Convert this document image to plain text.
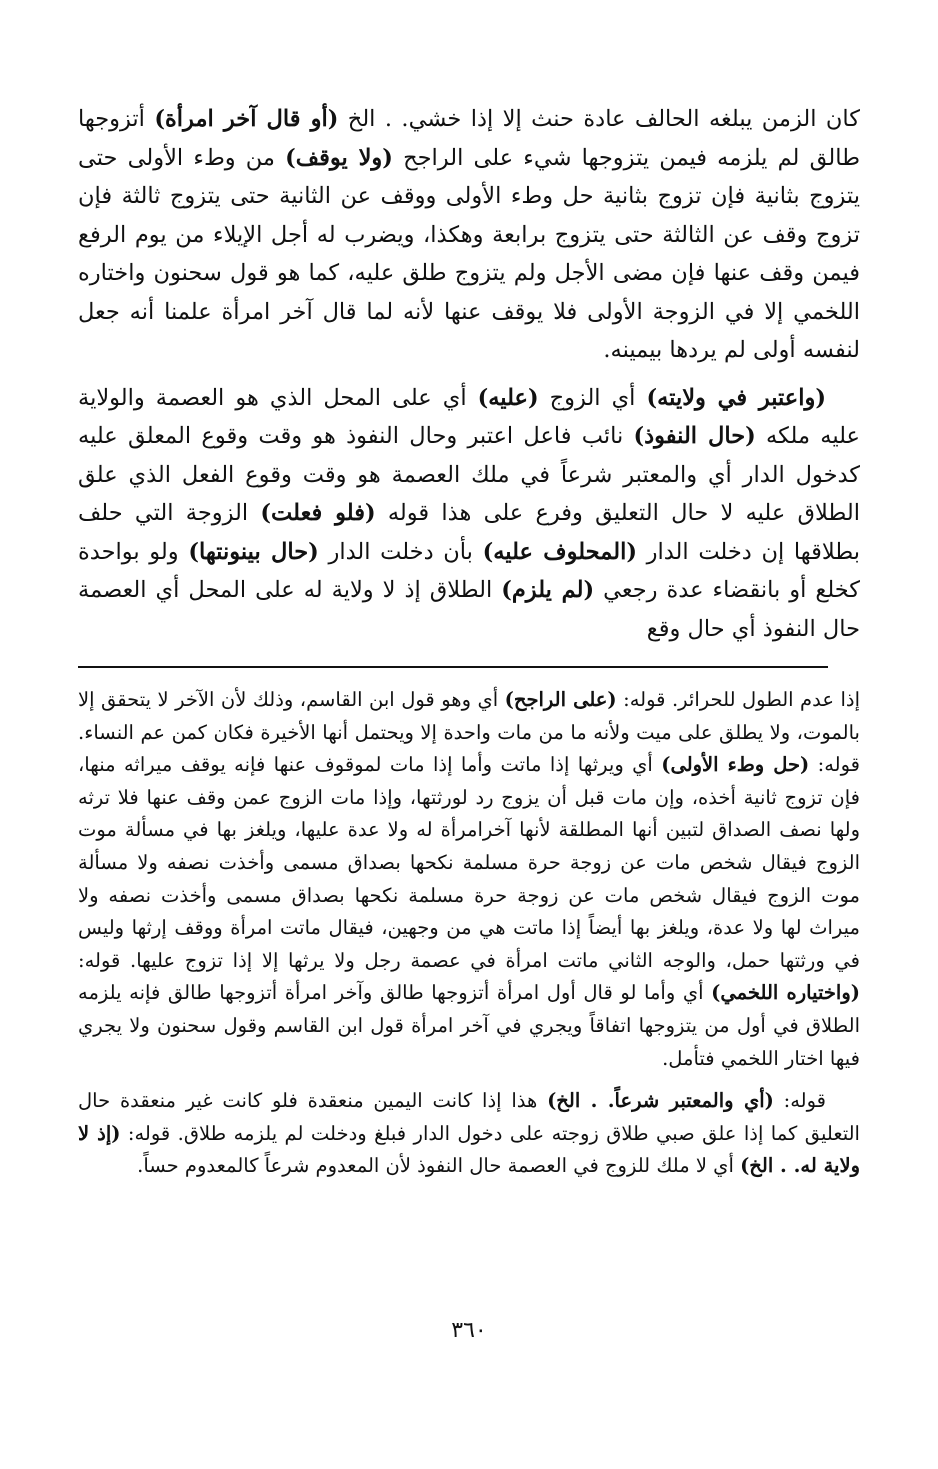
كان الزمن يبلغه الحالف عادة حنث إلا إذا خشي. . الخ (أو قال آخر امرأة) أتزوجها طالق لم يلزمه فيمن يتزوجها شيء على الراجح (ولا يوقف) من وطء الأولى حتى يتزوج بثانية فإن تزوج بثانية حل وطء الأولى ووقف عن الثانية حتى يتزوج ثالثة فإن تزوج وقف عن الثالثة حتى يتزوج برابعة وهكذا، ويضرب له أجل الإيلاء من يوم الرفع فيمن وقف عنها فإن مضى الأجل ولم يتزوج طلق عليه، كما هو قول سحنون واختاره اللخمي إلا في الزوجة الأولى فلا يوقف عنها لأنه لما قال آخر امرأة علمنا أنه جعل لنفسه أولى لم يردها بيمينه.

(واعتبر في ولايته) أي الزوج (عليه) أي على المحل الذي هو العصمة والولاية عليه ملكه (حال النفوذ) نائب فاعل اعتبر وحال النفوذ هو وقت وقوع المعلق عليه كدخول الدار أي والمعتبر شرعاً في ملك العصمة هو وقت وقوع الفعل الذي علق الطلاق عليه لا حال التعليق وفرع على هذا قوله (فلو فعلت) الزوجة التي حلف بطلاقها إن دخلت الدار (المحلوف عليه) بأن دخلت الدار (حال بينونتها) ولو بواحدة كخلع أو بانقضاء عدة رجعي (لم يلزم) الطلاق إذ لا ولاية له على المحل أي العصمة حال النفوذ أي حال وقع

إذا عدم الطول للحرائر. قوله: (على الراجح) أي وهو قول ابن القاسم، وذلك لأن الآخر لا يتحقق إلا بالموت، ولا يطلق على ميت ولأنه ما من مات واحدة إلا ويحتمل أنها الأخيرة فكان كمن عم النساء. قوله: (حل وطء الأولى) أي ويرثها إذا ماتت وأما إذا مات لموقوف عنها فإنه يوقف ميراثه منها، فإن تزوج ثانية أخذه، وإن مات قبل أن يزوج رد لورثتها، وإذا مات الزوج عمن وقف عنها فلا ترثه ولها نصف الصداق لتبين أنها المطلقة لأنها آخرامرأة له ولا عدة عليها، ويلغز بها في مسألة موت الزوج فيقال شخص مات عن زوجة حرة مسلمة نكحها بصداق مسمى وأخذت نصفه ولا مسألة موت الزوج فيقال شخص مات عن زوجة حرة مسلمة نكحها بصداق مسمى وأخذت نصفه ولا ميراث لها ولا عدة، ويلغز بها أيضاً إذا ماتت هي من وجهين، فيقال ماتت امرأة ووقف إرثها وليس في ورثتها حمل، والوجه الثاني ماتت امرأة في عصمة رجل ولا يرثها إلا إذا تزوج عليها. قوله: (واختياره اللخمي) أي وأما لو قال أول امرأة أتزوجها طالق وآخر امرأة أتزوجها طالق فإنه يلزمه الطلاق في أول من يتزوجها اتفاقاً ويجري في آخر امرأة قول ابن القاسم وقول سحنون ولا يجري فيها اختار اللخمي فتأمل.

قوله: (أي والمعتبر شرعاً. . الخ) هذا إذا كانت اليمين منعقدة فلو كانت غير منعقدة حال التعليق كما إذا علق صبي طلاق زوجته على دخول الدار فبلغ ودخلت لم يلزمه طلاق. قوله: (إذ لا ولاية له. . الخ) أي لا ملك للزوج في العصمة حال النفوذ لأن المعدوم شرعاً كالمعدوم حساً.

٣٦٠
